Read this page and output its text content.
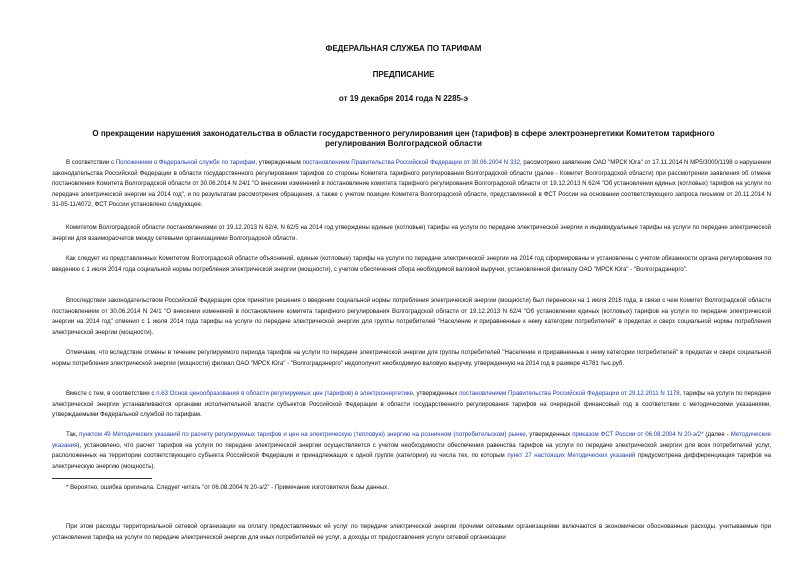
ФЕДЕРАЛЬНАЯ СЛУЖБА ПО ТАРИФАМ
ПРЕДПИСАНИЕ
от 19 декабря 2014 года N 2285-э
О прекращении нарушения законодательства в области государственного регулирования цен (тарифов) в сфере электроэнергетики Комитетом тарифного регулирования Волгоградской области
В соответствии с Положением о Федеральной службе по тарифам, утвержденным постановлением Правительства Российской Федерации от 30.06.2004 N 332, рассмотрено заявление ОАО "МРСК Юга" от 17.11.2014 N МР5/3000/1198 о нарушении законодательства Российской Федерации в области государственного регулирования тарифов со стороны Комитета тарифного регулирования Волгоградской области (далее - Комитет Волгоградской области) при рассмотрении заявления об отмене постановления Комитета Волгоградской области от 30.06.2014 N 24/1 "О внесении изменений в постановление комитета тарифного регулирования Волгоградской области от 19.12.2013 N 62/4 "Об установлении единых (котловых) тарифов на услуги по передаче электрической энергии на 2014 год", и по результатам рассмотрения обращения, а также с учетом позиции Комитета Волгоградской области, представленной в ФСТ России на основании соответствующего запроса письмом от 20.11.2014 N 31-05-11/4072, ФСТ России установлено следующее.
Комитетом Волгоградской области постановлениями от 19.12.2013 N 62/4, N 62/5 на 2014 год утверждены единые (котловые) тарифы на услуги по передаче электрической энергии и индивидуальные тарифы на услуги по передаче электрической энергии для взаиморасчетов между сетевыми организациями Волгоградской области.
Как следует из представленных Комитетом Волгоградской области объяснений, единые (котловые) тарифы на услуги по передаче электрической энергии на 2014 год сформированы и установлены с учетом обязанности органа регулирования по введению с 1 июля 2014 года социальной нормы потребления электрической энергии (мощности), с учетом обеспечения сбора необходимой валовой выручки, установленной филиалу ОАО "МРСК Юга" - "Волгоградэнерго".
Впоследствии законодательством Российской Федерации срок принятия решения о введении социальной нормы потребления электрической энергии (мощности) был перенесен на 1 июля 2016 года, в связи с чем Комитет Волгоградской области постановлением от 30.06.2014 N 24/1 "О внесении изменений в постановление комитета тарифного регулирования Волгоградской области от 19.12.2013 N 62/4 "Об установлении единых (котловых) тарифов на услуги по передаче электрической энергии на 2014 год" отменил с 1 июля 2014 года тарифы на услуги по передаче электрической энергии для группы потребителей "Население и приравненные к нему категории потребителей" в пределах и сверх социальной нормы потребления электрической энергии (мощности).
Отмечаем, что вследствие отмены в течение регулируемого периода тарифов на услуги по передаче электрической энергии для группы потребителей "Население и приравненные к нему категории потребителей" в пределах и сверх социальной нормы потребления электрической энергии (мощности) филиал ОАО "МРСК Юга" - "Волгоградэнерго" недополучит необходимую валовую выручку, утвержденную на 2014 год в размере 41781 тыс.руб.
Вместе с тем, в соответствии с п.63 Основ ценообразования в области регулируемых цен (тарифов) в электроэнергетике, утвержденных постановлением Правительства Российской Федерации от 29.12.2011 N 1178, тарифы на услуги по передаче электрической энергии устанавливаются органами исполнительной власти субъектов Российской Федерации в области государственного регулирования тарифов на очередной финансовый год в соответствии с методическими указаниями, утверждаемыми Федеральной службой по тарифам.
Так, пунктом 49 Методических указаний по расчету регулируемых тарифов и цен на электрическую (тепловую) энергию на розничном (потребительском) рынке, утвержденных приказом ФСТ России от 06.08.2004 N 20-э/2* (далее - Методические указания), установлено, что расчет тарифов на услуги по передаче электрической энергии осуществляется с учетом необходимости обеспечения равенства тарифов на услуги по передаче электрической энергии для всех потребителей услуг, расположенных на территории соответствующего субъекта Российской Федерации и принадлежащих к одной группе (категории) из числа тех, по которым пункт 27 настоящих Методических указаний предусмотрена дифференциация тарифов на электрическую энергию (мощность).
* Вероятно, ошибка оригинала. Следует читать "от 06.08.2004 N 20-э/2" - Примечание изготовителя базы данных.
При этом расходы территориальной сетевой организации на оплату предоставляемых ей услуг по передаче электрической энергии прочими сетевыми организациями включаются в экономически обоснованные расходы, учитываемые при установлении тарифа на услуги по передаче электрической энергии для иных потребителей ее услуг, а доходы от предоставления услуги сетевой организации
